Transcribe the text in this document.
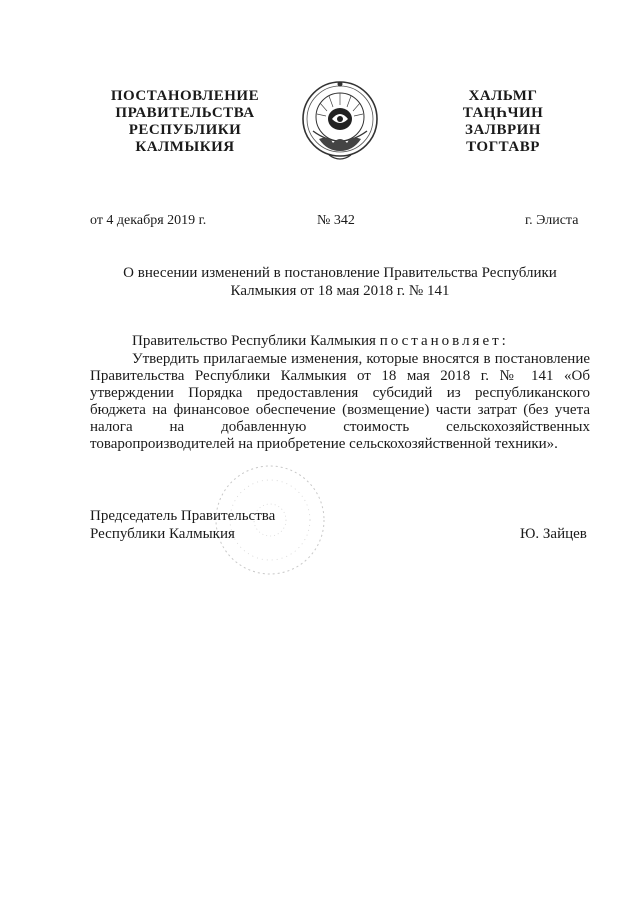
ПОСТАНОВЛЕНИЕ
ПРАВИТЕЛЬСТВА
РЕСПУБЛИКИ
КАЛМЫКИЯ
ХАЛЬМГ
ТАҢҺЧИН
ЗАЛВРИН
ТОГТАВР
от 4 декабря 2019 г.	№ 342	г. Элиста
О внесении изменений в постановление Правительства Республики Калмыкия от 18 мая 2018 г. № 141
Правительство Республики Калмыкия постановляет:
Утвердить прилагаемые изменения, которые вносятся в постановление Правительства Республики Калмыкия от 18 мая 2018 г. № 141 «Об утверждении Порядка предоставления субсидий из республиканского бюджета на финансовое обеспечение (возмещение) части затрат (без учета налога на добавленную стоимость сельскохозяйственных товаропроизводителей на приобретение сельскохозяйственной техники».
Председатель Правительства
Республики Калмыкия	Ю. Зайцев
